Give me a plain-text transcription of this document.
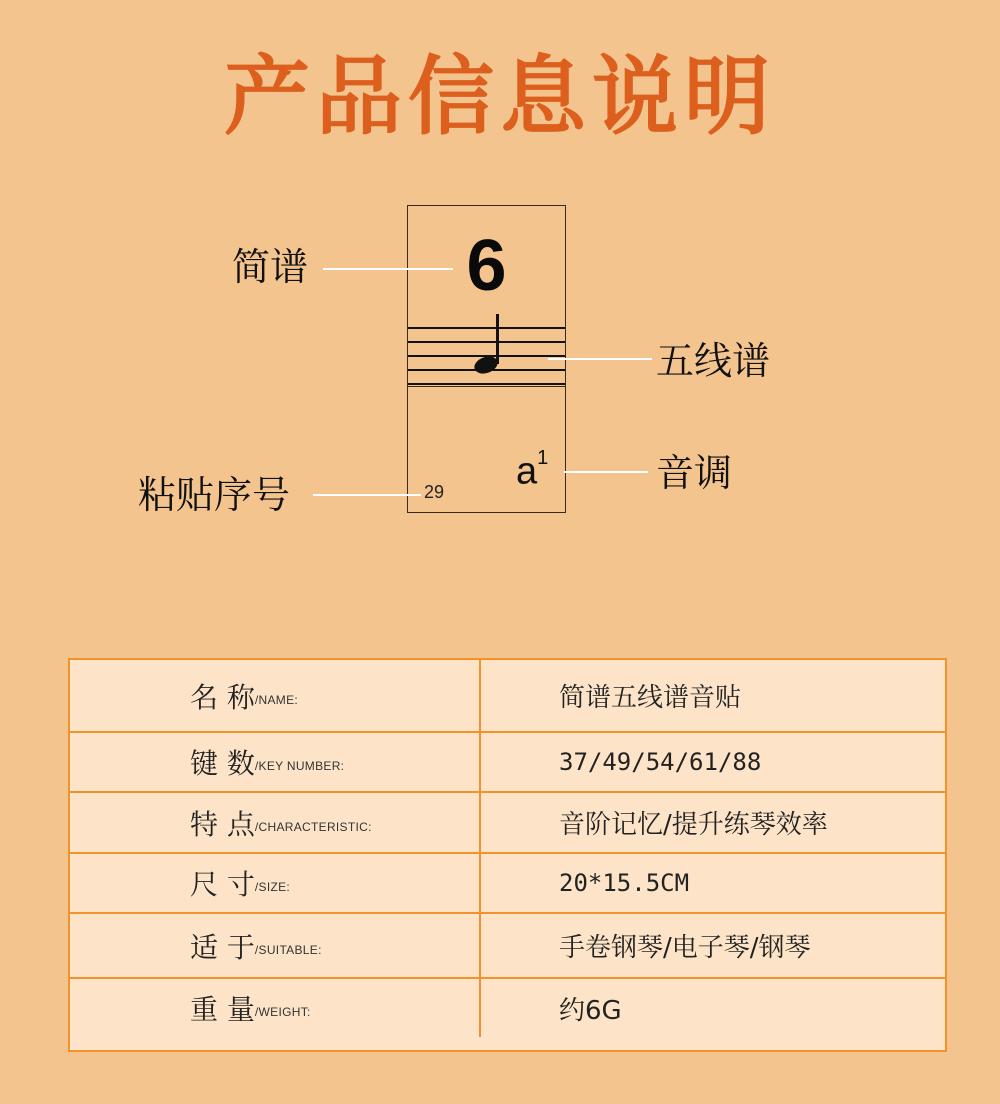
产品信息说明
6
$a^1$
29
简谱
五线谱
音调
粘贴序号
名 称 /NAME:	简谱五线谱音贴
键 数 /KEY NUMBER:	37/49/54/61/88
特 点 /CHARACTERISTIC:	音阶记忆/提升练琴效率
尺 寸 /SIZE:	20*15.5CM
适 于 /SUITABLE:	手卷钢琴/电子琴/钢琴
重 量 /WEIGHT:	约6G
